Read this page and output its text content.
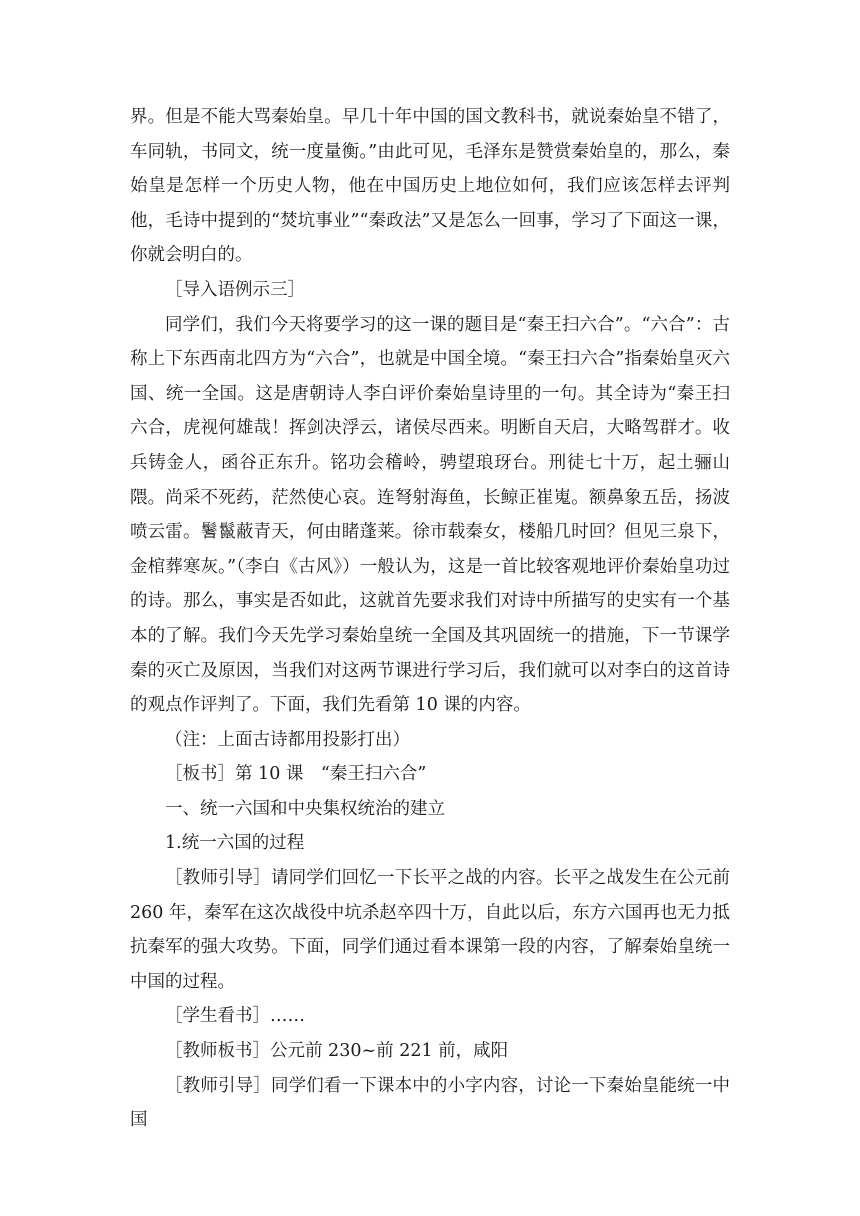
界。但是不能大骂秦始皇。早几十年中国的国文教科书，就说秦始皇不错了，车同轨，书同文，统一度量衡。”由此可见，毛泽东是赞赏秦始皇的，那么，秦始皇是怎样一个历史人物，他在中国历史上地位如何，我们应该怎样去评判他，毛诗中提到的“焚坑事业”“秦政法”又是怎么一回事，学习了下面这一课，你就会明白的。

［导入语例示三］

同学们，我们今天将要学习的这一课的题目是“秦王扫六合”。“六合”：古称上下东西南北四方为“六合”，也就是中国全境。“秦王扫六合”指秦始皇灭六国、统一全国。这是唐朝诗人李白评价秦始皇诗里的一句。其全诗为“秦王扫六合，虎视何雄哉！挥剑决浮云，诸侯尽西来。明断自天启，大略驾群才。收兵铸金人，函谷正东升。铭功会稽岭，骋望琅玡台。刑徒七十万，起土骊山隈。尚采不死药，茫然使心哀。连弩射海鱼，长鲸正崔嵬。额鼻象五岳，扬波喷云雷。鬐鬣蔽青天，何由睹蓬莱。徐市载秦女，楼船几时回？但见三泉下，金棺葬寒灰。”（李白《古风》）一般认为，这是一首比较客观地评价秦始皇功过的诗。那么，事实是否如此，这就首先要求我们对诗中所描写的史实有一个基本的了解。我们今天先学习秦始皇统一全国及其巩固统一的措施，下一节课学秦的灭亡及原因，当我们对这两节课进行学习后，我们就可以对李白的这首诗的观点作评判了。下面，我们先看第 10 课的内容。

（注：上面古诗都用投影打出）

［板书］第 10 课　“秦王扫六合”

一、统一六国和中央集权统治的建立

1.统一六国的过程

［教师引导］请同学们回忆一下长平之战的内容。长平之战发生在公元前 260 年，秦军在这次战役中坑杀赵卒四十万，自此以后，东方六国再也无力抵抗秦军的强大攻势。下面，同学们通过看本课第一段的内容，了解秦始皇统一中国的过程。

［学生看书］……

［教师板书］公元前 230~前 221 前，咸阳

［教师引导］同学们看一下课本中的小字内容，讨论一下秦始皇能统一中国
